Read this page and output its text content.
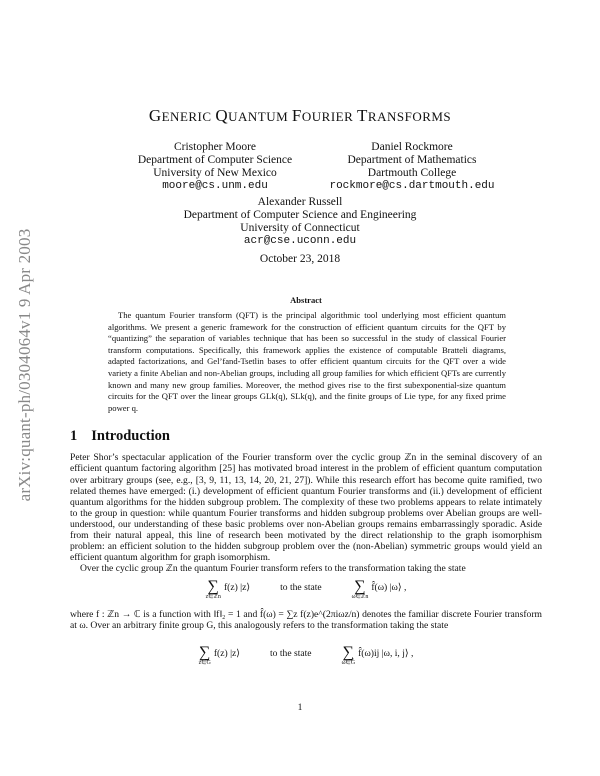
arXiv:quant-ph/0304064v1 9 Apr 2003
GENERIC QUANTUM FOURIER TRANSFORMS
Cristopher Moore
Department of Computer Science
University of New Mexico
moore@cs.unm.edu
Daniel Rockmore
Department of Mathematics
Dartmouth College
rockmore@cs.dartmouth.edu
Alexander Russell
Department of Computer Science and Engineering
University of Connecticut
acr@cse.uconn.edu
October 23, 2018
Abstract
The quantum Fourier transform (QFT) is the principal algorithmic tool underlying most efficient quantum algorithms. We present a generic framework for the construction of efficient quantum circuits for the QFT by “quantizing” the separation of variables technique that has been so successful in the study of classical Fourier transform computations. Specifically, this framework applies the existence of computable Bratteli diagrams, adapted factorizations, and Gel’fand-Tsetlin bases to offer efficient quantum circuits for the QFT over a wide variety a finite Abelian and non-Abelian groups, including all group families for which efficient QFTs are currently known and many new group families. Moreover, the method gives rise to the first subexponential-size quantum circuits for the QFT over the linear groups GLk(q), SLk(q), and the finite groups of Lie type, for any fixed prime power q.
1 Introduction
Peter Shor’s spectacular application of the Fourier transform over the cyclic group ℤn in the seminal discovery of an efficient quantum factoring algorithm [25] has motivated broad interest in the problem of efficient quantum computation over arbitrary groups (see, e.g., [3, 9, 11, 13, 14, 20, 21, 27]). While this research effort has become quite ramified, two related themes have emerged: (i.) development of efficient quantum Fourier transforms and (ii.) development of efficient quantum algorithms for the hidden subgroup problem. The complexity of these two problems appears to relate intimately to the group in question: while quantum Fourier transforms and hidden subgroup problems over Abelian groups are well-understood, our understanding of these basic problems over non-Abelian groups remains embarrassingly sporadic. Aside from their natural appeal, this line of research been motivated by the direct relationship to the graph isomorphism problem: an efficient solution to the hidden subgroup problem over the (non-Abelian) symmetric groups would yield an efficient quantum algorithm for graph isomorphism.
Over the cyclic group ℤn the quantum Fourier transform refers to the transformation taking the state
∑
z∈ℤn
f(z) |z⟩	to the state ∑
ω∈ℤn
f̂(ω) |ω⟩ ,
where f : ℤn → ℂ is a function with ‖f‖₂ = 1 and f̂(ω) = ∑z f(z)e^(2πiωz/n) denotes the familiar discrete Fourier transform at ω. Over an arbitrary finite group G, this analogously refers to the transformation taking the state
∑
z∈G
f(z) |z⟩	to the state ∑
ω∈Ĝ
f̂(ω)ij |ω, i, j⟩ ,
1
